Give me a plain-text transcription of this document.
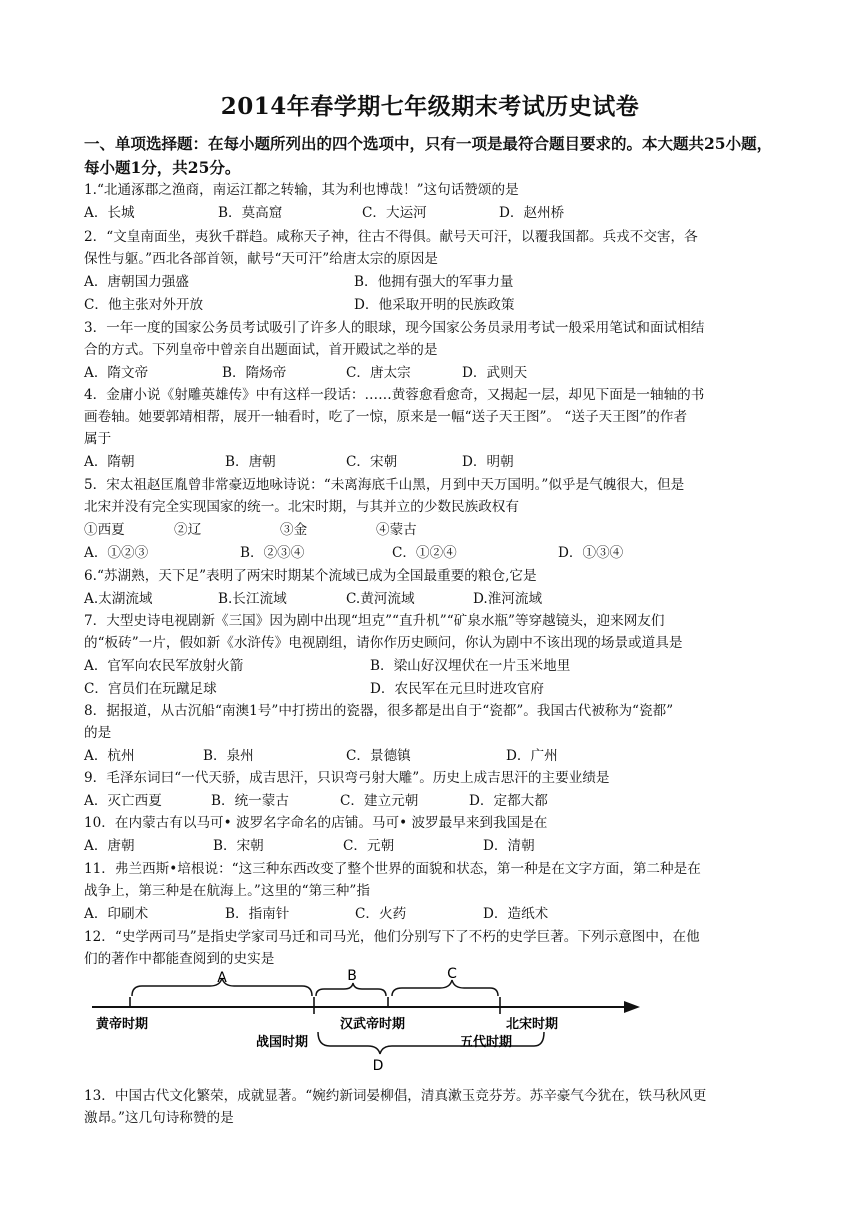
2014年春学期七年级期末考试历史试卷
一、单项选择题：在每小题所列出的四个选项中，只有一项是最符合题目要求的。本大题共25小题，每小题1分，共25分。
1.“北通涿郡之渔商，南运江都之转输，其为利也博哉！”这句话赞颂的是
A．长城	B．莫高窟	C．大运河	D．赵州桥
2．“文皇南面坐，夷狄千群趋。咸称天子神，往古不得俱。献号天可汗，以覆我国都。兵戎不交害，各
保性与躯。”西北各部首领，献号“天可汗”给唐太宗的原因是
A．唐朝国力强盛	B．他拥有强大的军事力量
C．他主张对外开放	D．他采取开明的民族政策
3．一年一度的国家公务员考试吸引了许多人的眼球，现今国家公务员录用考试一般采用笔试和面试相结
合的方式。下列皇帝中曾亲自出题面试，首开殿试之举的是
A．隋文帝	B．隋炀帝	C．唐太宗	D．武则天
4．金庸小说《射雕英雄传》中有这样一段话：……黄蓉愈看愈奇，又揭起一层，却见下面是一轴轴的书
画卷轴。她要郭靖相帮，展开一轴看时，吃了一惊，原来是一幅“送子天王图”。 “送子天王图”的作者
属于
A．隋朝	B．唐朝	C．宋朝	D．明朝
5．宋太祖赵匡胤曾非常豪迈地咏诗说：“未离海底千山黑，月到中天万国明。”似乎是气魄很大，但是
北宋并没有完全实现国家的统一。北宋时期，与其并立的少数民族政权有
①西夏	②辽	③金	④蒙古
A．①②③	B．②③④	C．①②④	D．①③④
6.“苏湖熟，天下足”表明了两宋时期某个流域已成为全国最重要的粮仓,它是
A.太湖流域	B.长江流域	C.黄河流域	D.淮河流域
7．大型史诗电视剧新《三国》因为剧中出现“坦克”“直升机”“矿泉水瓶”等穿越镜头，迎来网友们
的“板砖”一片，假如新《水浒传》电视剧组，请你作历史顾问，你认为剧中不该出现的场景或道具是
A．官军向农民军放射火箭	B．梁山好汉埋伏在一片玉米地里
C．宫员们在玩蹴足球	D．农民军在元旦时进攻官府
8．据报道，从古沉船“南澳1号”中打捞出的瓷器，很多都是出自于“瓷都”。我国古代被称为“瓷都”
的是
A．杭州	B．泉州	C．景德镇	D．广州
9．毛泽东词曰“一代天骄，成吉思汗，只识弯弓射大雕”。历史上成吉思汗的主要业绩是
A．灭亡西夏	B．统一蒙古	C．建立元朝	D．定都大都
10．在内蒙古有以马可• 波罗名字命名的店铺。马可• 波罗最早来到我国是在
A．唐朝	B．宋朝	C．元朝	D．清朝
11．弗兰西斯•培根说：“这三种东西改变了整个世界的面貌和状态，第一种是在文字方面，第二种是在
战争上，第三种是在航海上。”这里的“第三种”指
A．印刷术	B．指南针	C．火药	D．造纸术
12．“史学两司马”是指史学家司马迁和司马光，他们分别写下了不朽的史学巨著。下列示意图中，在他
们的著作中都能查阅到的史实是
A	B	C
D
黄帝时期	汉武帝时期	北宋时期
战国时期	五代时期
13．中国古代文化繁荣，成就显著。“婉约新词晏柳倡，清真漱玉竞芬芳。苏辛豪气今犹在，铁马秋风更
激昂。”这几句诗称赞的是
